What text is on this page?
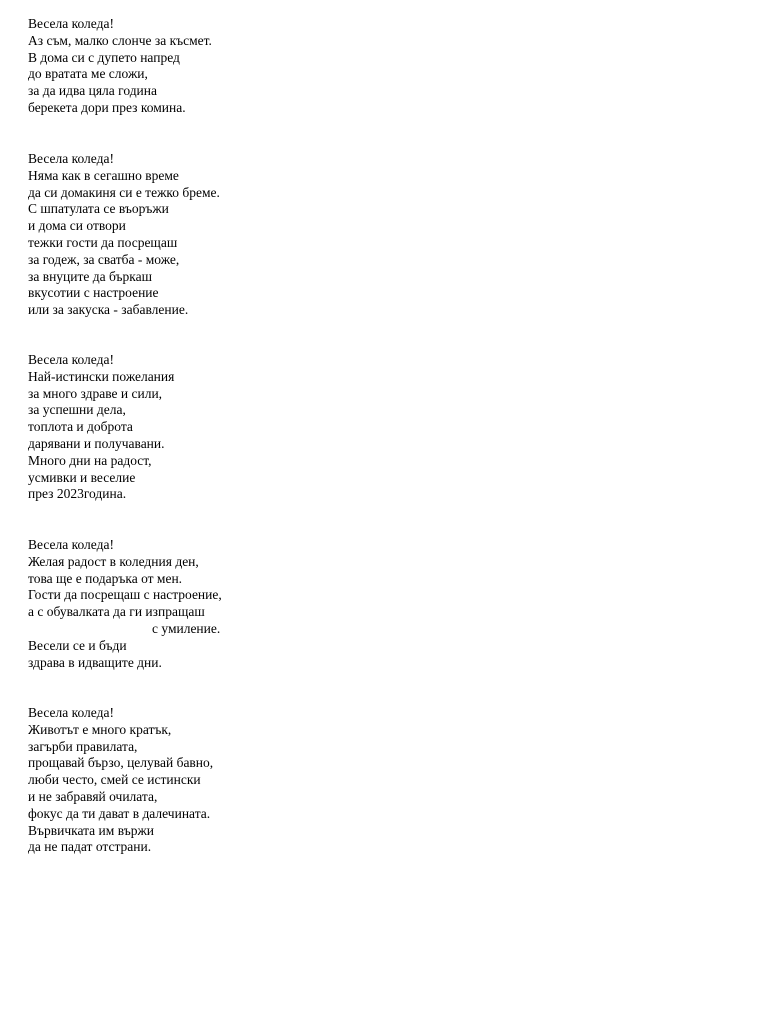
Весела коледа!
Аз съм, малко слонче за късмет.
В дома си с дупето напред
до вратата ме сложи,
за да идва цяла година
берекета дори през комина.
Весела коледа!
Няма как в сегашно време
да си домакиня си е тежко бреме.
С шпатулата се въоръжи
и дома си отвори
тежки гости да посрещаш
за годеж, за сватба - може,
за внуците да бъркаш
вкусотии с настроение
или за закуска - забавление.
Весела коледа!
Най-истински пожелания
за много здраве и сили,
за успешни дела,
топлота и доброта
дарявани и получавани.
Много дни на радост,
усмивки и веселие
през 2023година.
Весела коледа!
Желая радост в коледния ден,
това ще е подаръка от мен.
Гости да посрещаш с настроение,
а с обувалката да ги изпращаш
с умиление.
Весели се и бъди
здрава в идващите дни.
Весела коледа!
Животът е много кратък,
загърби правилата,
прощавай бързо, целувай бавно,
люби често, смей се истински
и не забравяй очилата,
фокус да ти дават в далечината.
Вървичката им вържи
да не падат отстрани.
